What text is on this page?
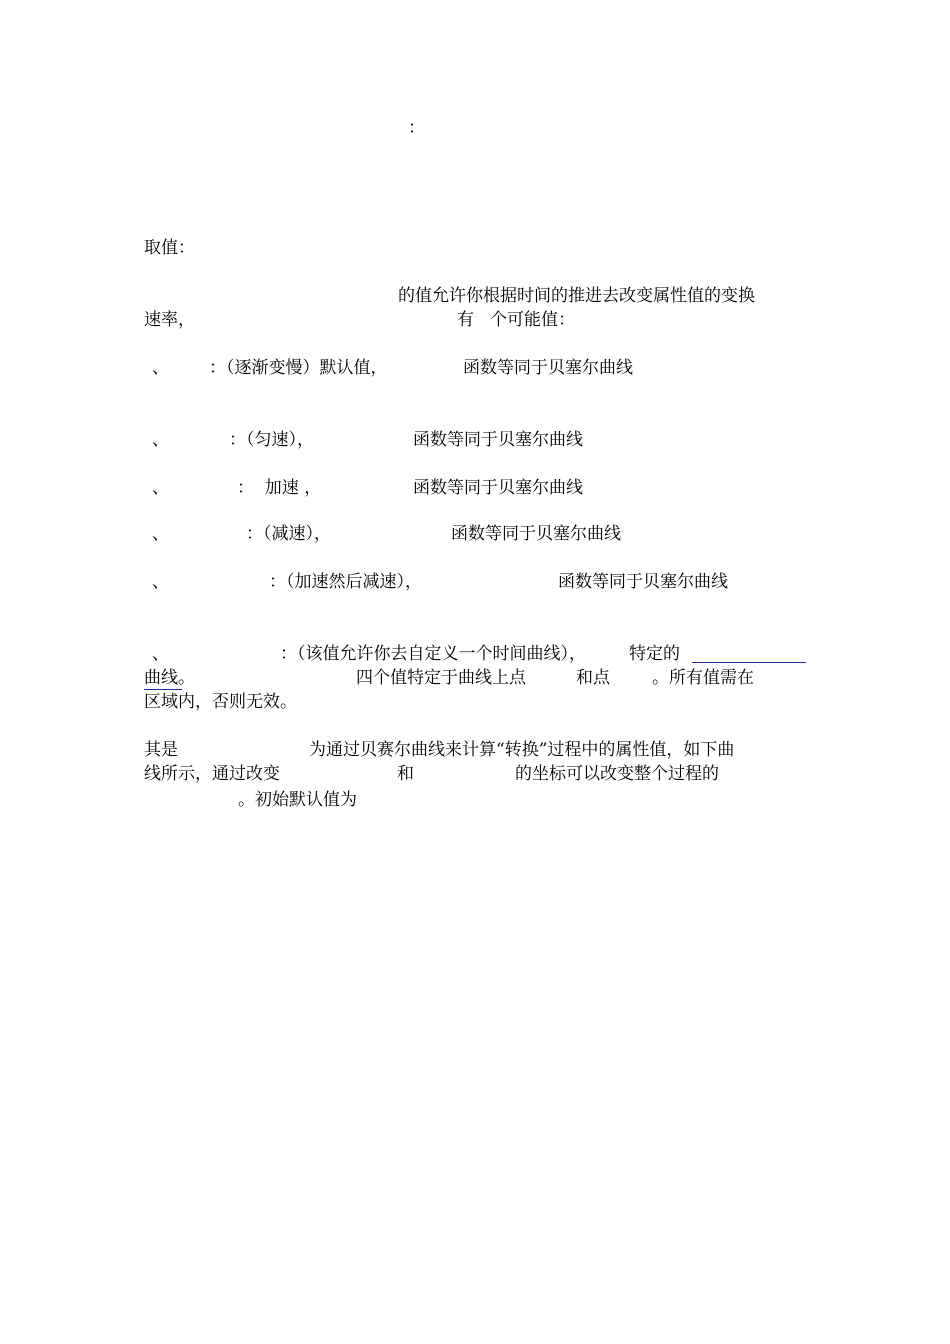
：
取值：
的值允许你根据时间的推进去改变属性值的变换
速率，	有 个可能值：
、 ：（逐渐变慢）默认值，	函数等同于贝塞尔曲线
、	：（匀速），	函数等同于贝塞尔曲线
、	：  加速 ，	函数等同于贝塞尔曲线
、	：（减速），	函数等同于贝塞尔曲线
、	：（加速然后减速），	函数等同于贝塞尔曲线
、	：（该值允许你去自定义一个时间曲线），	特定的
曲线。	四个值特定于曲线上点	和点 。所有值需在
区域内，否则无效。
其是	为通过贝赛尔曲线来计算“转换”过程中的属性值，如下曲
线所示，通过改变	和	的坐标可以改变整个过程的
。初始默认值为
